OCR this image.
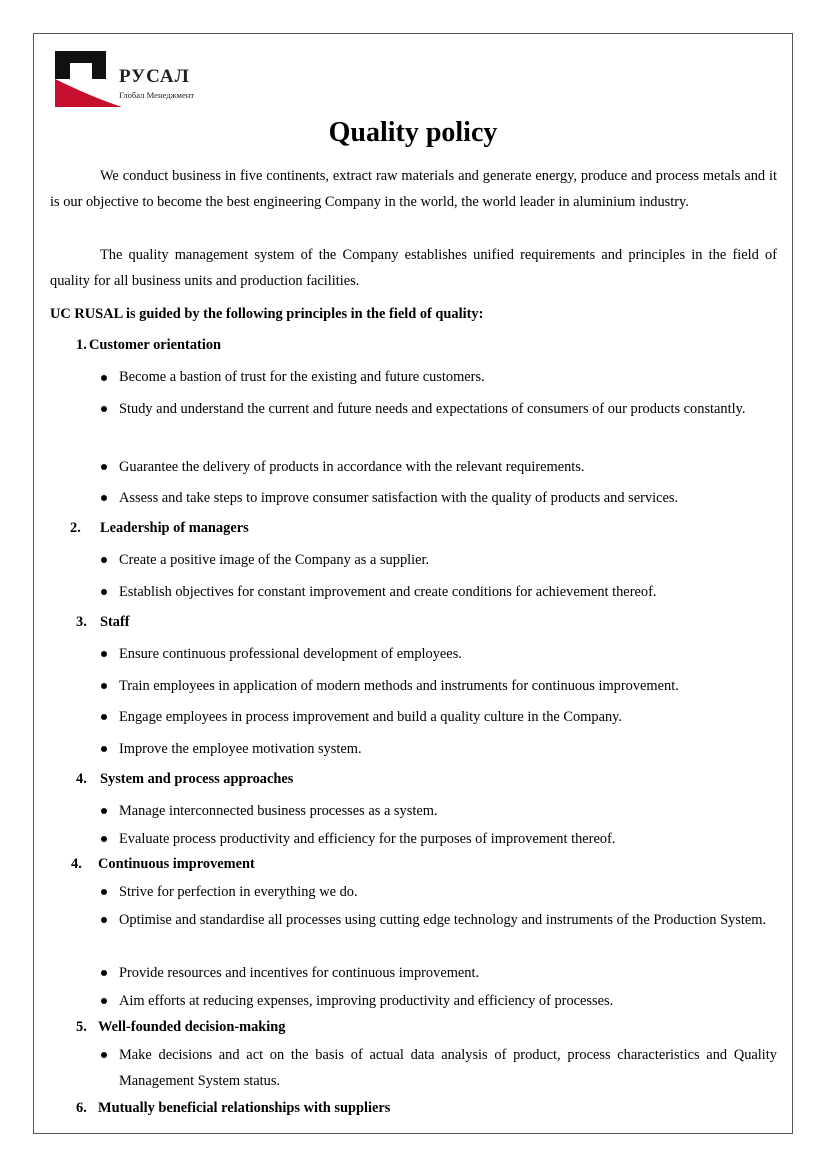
РУСАЛ
Глобал Менеджмент
Quality policy

We conduct business in five continents, extract raw materials and generate energy, produce and process metals and it is our objective to become the best engineering Company in the world, the world leader in aluminium industry.

The quality management system of the Company establishes unified requirements and principles in the field of quality for all business units and production facilities.

UC RUSAL is guided by the following principles in the field of quality:

1. Customer orientation

Become a bastion of trust for the existing and future customers.

Study and understand the current and future needs and expectations of consumers of our products constantly.

Guarantee the delivery of products in accordance with the relevant requirements.

Assess and take steps to improve consumer satisfaction with the quality of products and services.

2. Leadership of managers

Create a positive image of the Company as a supplier.

Establish objectives for constant improvement and create conditions for achievement thereof.

3. Staff

Ensure continuous professional development of employees.

Train employees in application of modern methods and instruments for continuous improvement.

Engage employees in process improvement and build a quality culture in the Company.

Improve the employee motivation system.

4. System and process approaches

Manage interconnected business processes as a system.

Evaluate process productivity and efficiency for the purposes of improvement thereof.

4. Continuous improvement

Strive for perfection in everything we do.

Optimise and standardise all processes using cutting edge technology and instruments of the Production System.

Provide resources and incentives for continuous improvement.

Aim efforts at reducing expenses, improving productivity and efficiency of processes.

5. Well-founded decision-making

Make decisions and act on the basis of actual data analysis of product, process characteristics and Quality Management System status.

6. Mutually beneficial relationships with suppliers
